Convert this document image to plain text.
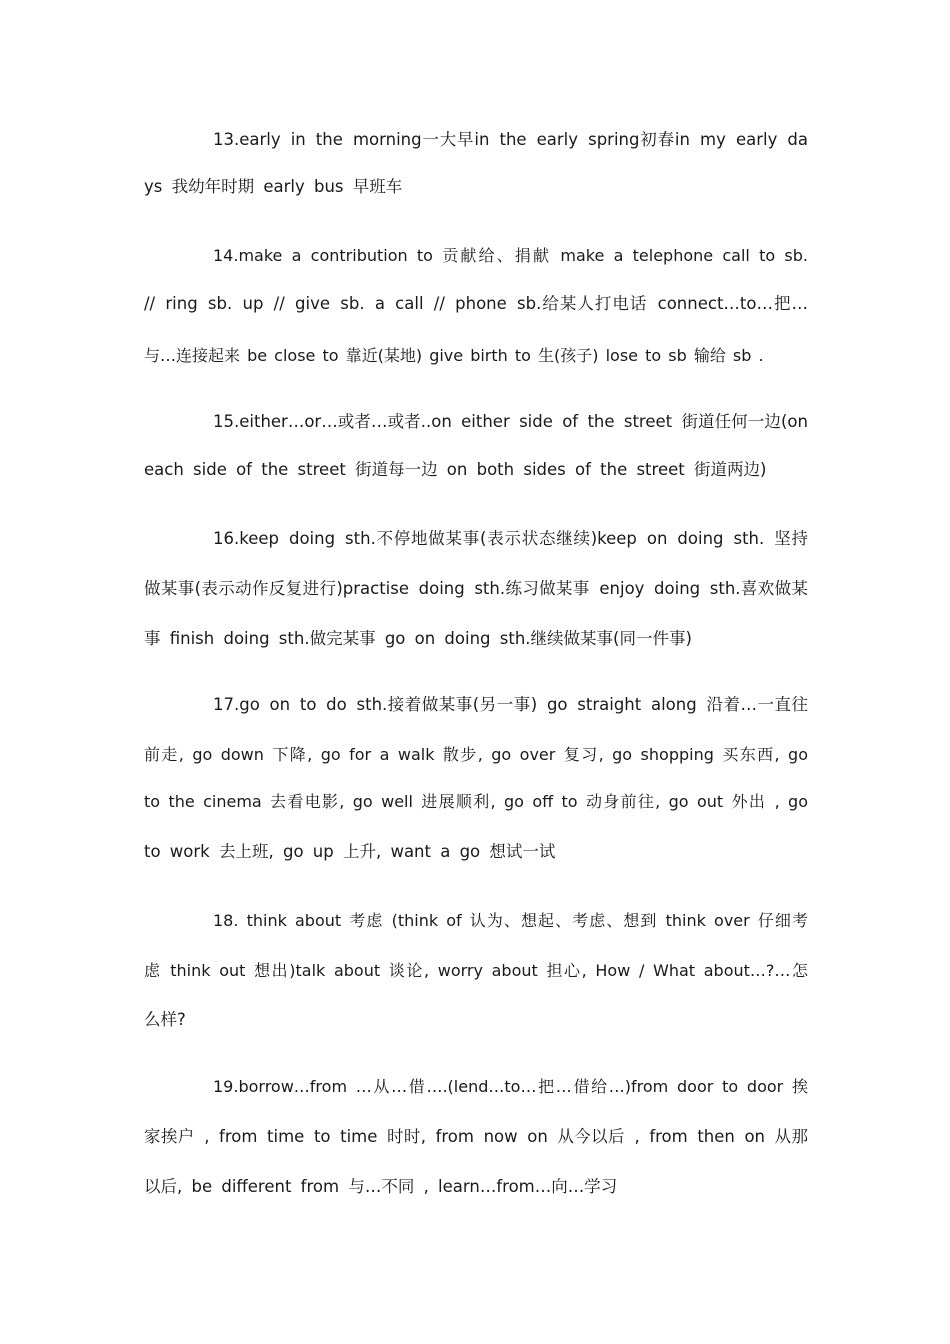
13.early in the morning一大早in the early spring初春in my early da
ys 我幼年时期 early bus 早班车
14.make a contribution to 贡献给、捐献 make a telephone call to sb.
// ring sb. up // give sb. a call // phone sb.给某人打电话 connect…to…把…
与…连接起来 be close to 靠近(某地) give birth to 生(孩子) lose to sb 输给 sb .
15.either…or…或者…或者..on either side of the street 街道任何一边(on
each side of the street 街道每一边 on both sides of the street 街道两边)
16.keep doing sth.不停地做某事(表示状态继续)keep on doing sth. 坚持
做某事(表示动作反复进行)practise doing sth.练习做某事 enjoy doing sth.喜欢做某
事 finish doing sth.做完某事 go on doing sth.继续做某事(同一件事)
17.go on to do sth.接着做某事(另一事) go straight along 沿着…一直往
前走, go down 下降, go for a walk 散步, go over 复习, go shopping 买东西, go
to the cinema 去看电影, go well 进展顺利, go off to 动身前往, go out 外出 , go
to work 去上班, go up 上升, want a go 想试一试
18. think about 考虑 (think of 认为、想起、考虑、想到 think over 仔细考
虑 think out 想出)talk about 谈论, worry about 担心, How / What about…?…怎
么样?
19.borrow…from …从…借….(lend…to…把…借给…)from door to door 挨
家挨户 , from time to time 时时, from now on 从今以后 , from then on 从那
以后, be different from 与…不同 , learn…from…向…学习
